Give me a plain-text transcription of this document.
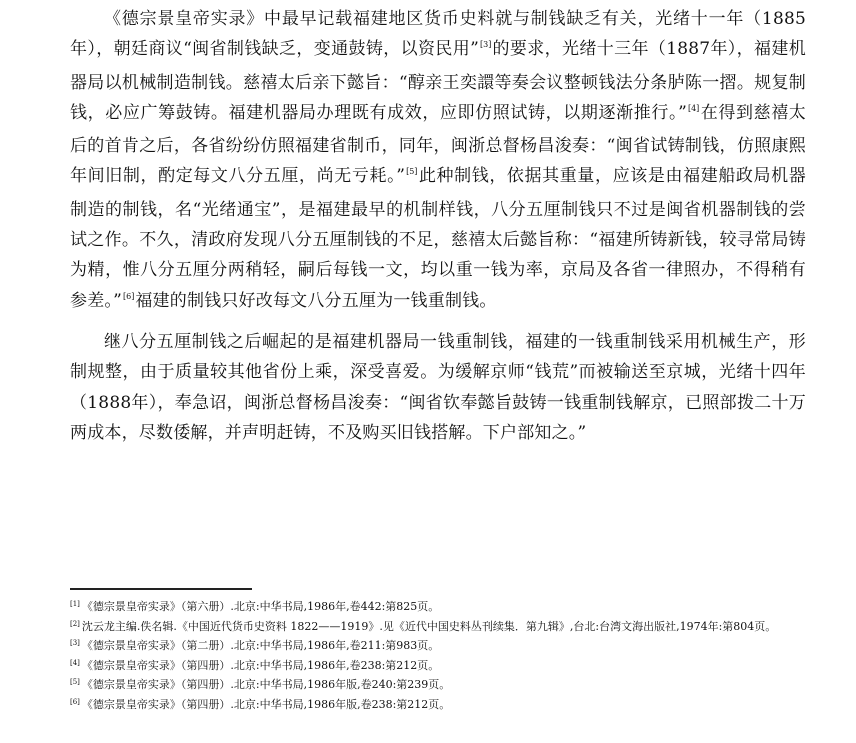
《德宗景皇帝实录》中最早记载福建地区货币史料就与制钱缺乏有关，光绪十一年（1885年），朝廷商议“闽省制钱缺乏，变通鼓铸，以资民用”[3]的要求，光绪十三年（1887年），福建机器局以机械制造制钱。慈禧太后亲下懿旨：“醇亲王奕譞等奏会议整顿钱法分条胪陈一摺。规复制钱，必应广筹鼓铸。福建机器局办理既有成效，应即仿照试铸，以期逐渐推行。”[4]在得到慈禧太后的首肯之后，各省纷纷仿照福建省制币，同年，闽浙总督杨昌浚奏：“闽省试铸制钱，仿照康熙年间旧制，酌定每文八分五厘，尚无亏耗。”[5]此种制钱，依据其重量，应该是由福建船政局机器制造的制钱，名“光绪通宝”，是福建最早的机制样钱，八分五厘制钱只不过是闽省机器制钱的尝试之作。不久，清政府发现八分五厘制钱的不足，慈禧太后懿旨称：“福建所铸新钱，较寻常局铸为精，惟八分五厘分两稍轻，嗣后每钱一文，均以重一钱为率，京局及各省一律照办，不得稍有参差。”[6]福建的制钱只好改每文八分五厘为一钱重制钱。

继八分五厘制钱之后崛起的是福建机器局一钱重制钱，福建的一钱重制钱采用机械生产，形制规整，由于质量较其他省份上乘，深受喜爱。为缓解京师“钱荒”而被输送至京城，光绪十四年（1888年），奉急诏，闽浙总督杨昌浚奏：“闽省钦奉懿旨鼓铸一钱重制钱解京，已照部拨二十万两成本，尽数倭解，并声明赶铸，不及购买旧钱搭解。下户部知之。”

[1] 《德宗景皇帝实录》（第六册）.北京:中华书局,1986年,卷442:第825页。

[2] 沈云龙主编.佚名辑.《中国近代货币史资料 1822——1919》.见《近代中国史料丛刊续集．第九辑》,台北:台湾文海出版社,1974年:第804页。

[3] 《德宗景皇帝实录》（第二册）.北京:中华书局,1986年,卷211:第983页。

[4] 《德宗景皇帝实录》（第四册）.北京:中华书局,1986年,卷238:第212页。

[5] 《德宗景皇帝实录》（第四册）.北京:中华书局,1986年版,卷240:第239页。

[6] 《德宗景皇帝实录》（第四册）.北京:中华书局,1986年版,卷238:第212页。
